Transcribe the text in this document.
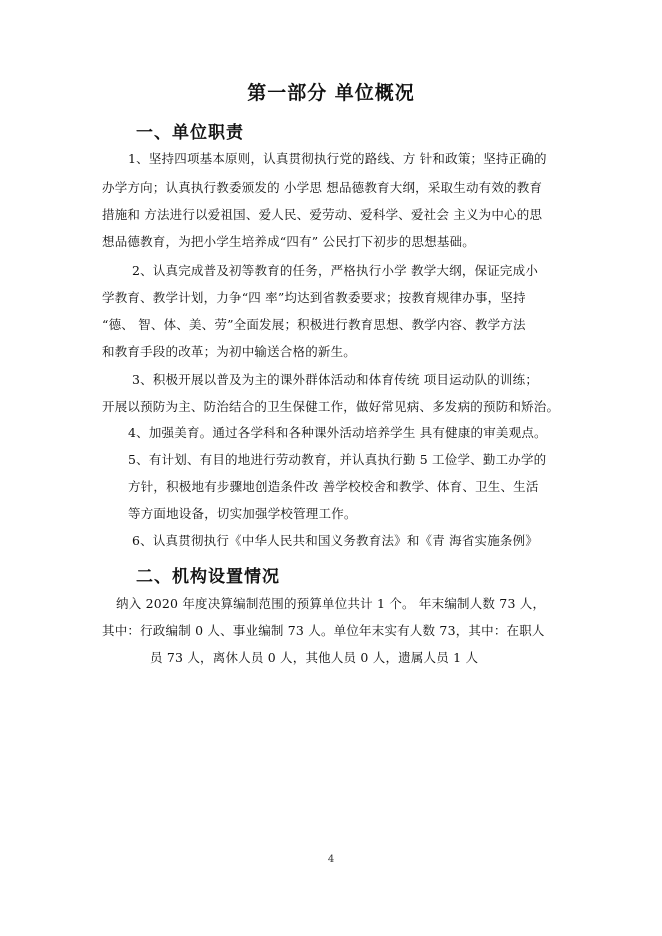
第一部分 单位概况
一、单位职责
1、坚持四项基本原则，认真贯彻执行党的路线、方 针和政策；坚持正确的
办学方向；认真执行教委颁发的 小学思 想品德教育大纲，采取生动有效的教育
措施和 方法进行以爱祖国、爱人民、爱劳动、爱科学、爱社会 主义为中心的思
想品德教育，为把小学生培养成“四有” 公民打下初步的思想基础。
2、认真完成普及初等教育的任务，严格执行小学 教学大纲，保证完成小
学教育、教学计划，力争“四 率”均达到省教委要求；按教育规律办事，坚持
“德、 智、体、美、劳”全面发展；积极进行教育思想、教学内容、教学方法
和教育手段的改革；为初中输送合格的新生。
3、积极开展以普及为主的课外群体活动和体育传统 项目运动队的训练；
开展以预防为主、防治结合的卫生保健工作，做好常见病、多发病的预防和矫治。
4、加强美育。通过各学科和各种课外活动培养学生 具有健康的审美观点。
5、有计划、有目的地进行劳动教育，并认真执行勤 5 工俭学、勤工办学的
方针，积极地有步骤地创造条件改 善学校校舍和教学、体育、卫生、生活
等方面地设备，切实加强学校管理工作。
6、认真贯彻执行《中华人民共和国义务教育法》和《青 海省实施条例》
二、机构设置情况
纳入 2020 年度决算编制范围的预算单位共计 1 个。 年末编制人数 73 人，
其中：行政编制 0 人、事业编制 73 人。单位年末实有人数 73，其中：在职人
员 73 人，离休人员 0 人，其他人员 0 人，遗属人员 1 人
4
